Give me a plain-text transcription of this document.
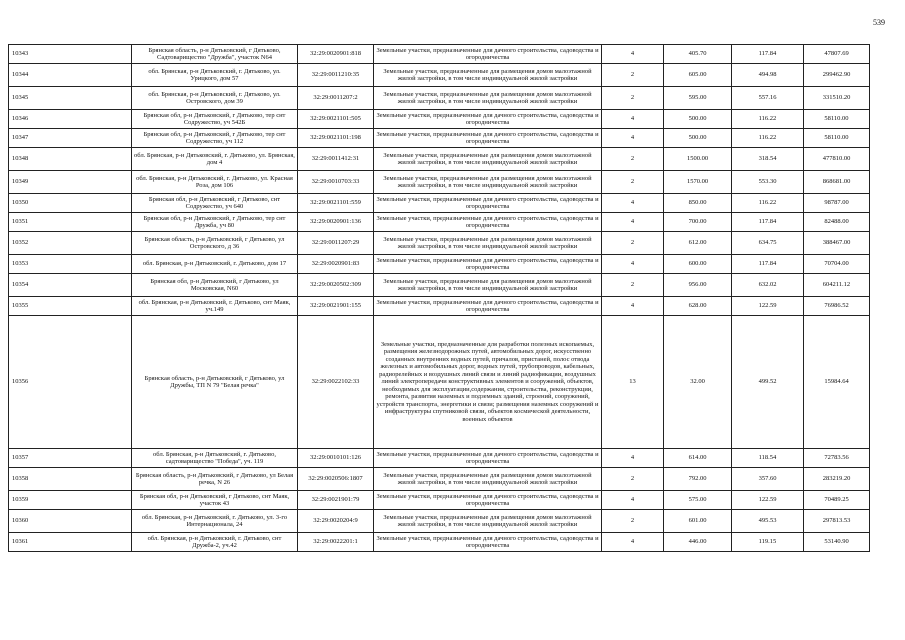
539
10343	Брянская область, р-н Дятьковский, г Дятьково, Садтоварищество "Дружба", участок N64	32:29:0020901:818	Земельные участки, предназначенные для дачного строительства, садоводства и огородничества	4	405.70	117.84	47807.69
10344	обл. Брянская, р-н Дятьковский, г. Дятьково, ул. Урицкого, дом 57	32:29:0011210:35	Земельные участки, предназначенные для размещения домов малоэтажной жилой застройки, в том числе индивидуальной жилой застройки	2	605.00	494.98	299462.90
10345	обл. Брянская, р-н Дятьковский, г. Дятьково, ул. Островского, дом 39	32:29:0011207:2	Земельные участки, предназначенные для размещения домов малоэтажной жилой застройки, в том числе индивидуальной жилой застройки	2	595.00	557.16	331510.20
10346	Брянская обл, р-н Дятьковский, г Дятьково, тер снт Содружество, уч 542Б	32:29:0021101:505	Земельные участки, предназначенные для дачного строительства, садоводства и огородничества	4	500.00	116.22	58110.00
10347	Брянская обл, р-н Дятьковский, г Дятьково, тер снт Содружество, уч 112	32:29:0021101:198	Земельные участки, предназначенные для дачного строительства, садоводства и огородничества	4	500.00	116.22	58110.00
10348	обл. Брянская, р-н Дятьковский, г. Дятьково, ул. Брянская, дом 4	32:29:0011412:31	Земельные участки, предназначенные для размещения домов малоэтажной жилой застройки, в том числе индивидуальной жилой застройки	2	1500.00	318.54	477810.00
10349	обл. Брянская, р-н Дятьковский, г. Дятьково, ул. Красная Роза, дом 106	32:29:0010703:33	Земельные участки, предназначенные для размещения домов малоэтажной жилой застройки, в том числе индивидуальной жилой застройки	2	1570.00	553.30	868681.00
10350	Брянская обл, р-н Дятьковский, г Дятьково, снт Содружество, уч 640	32:29:0021101:559	Земельные участки, предназначенные для дачного строительства, садоводства и огородничества	4	850.00	116.22	98787.00
10351	Брянская обл, р-н Дятьковский, г Дятьково, тер снт Дружба, уч 80	32:29:0020901:136	Земельные участки, предназначенные для дачного строительства, садоводства и огородничества	4	700.00	117.84	82488.00
10352	Брянская область, р-н Дятьковский, г Дятьково, ул Островского, д 36	32:29:0011207:29	Земельные участки, предназначенные для размещения домов малоэтажной жилой застройки, в том числе индивидуальной жилой застройки	2	612.00	634.75	388467.00
10353	обл. Брянская, р-н Дятьковский, г. Дятьково, дом 17	32:29:0020901:83	Земельные участки, предназначенные для дачного строительства, садоводства и огородничества	4	600.00	117.84	70704.00
10354	Брянская обл, р-н Дятьковский, г Дятьково, ул Московская, N60	32:29:0020502:309	Земельные участки, предназначенные для размещения домов малоэтажной жилой застройки, в том числе индивидуальной жилой застройки	2	956.00	632.02	604211.12
10355	обл. Брянская, р-н Дятьковский, г. Дятьково, снт Маяк, уч.149	32:29:0021901:155	Земельные участки, предназначенные для дачного строительства, садоводства и огородничества	4	628.00	122.59	76986.52
10356	Брянская область, р-н Дятьковский, г Дятьково, ул Дружбы, ТП N 79 "Белая речка"	32:29:0022102:33	Земельные участки, предназначенные для разработки полезных ископаемых, размещения железнодорожных путей, автомобильных дорог, искусственно созданных внутренних водных путей, причалов, пристаней, полос отвода железных и автомобильных дорог, водных путей, трубопроводов, кабельных, радиорелейных и воздушных линий связи и линий радиофикации, воздушных линий электропередачи конструктивных элементов и сооружений, объектов, необходимых для эксплуатации,содержания, строительства, реконструкции, ремонта, развития наземных и подземных зданий, строений, сооружений, устройств транспорта, энергетики и связи; размещения наземных сооружений и инфраструктуры спутниковой связи, объектов космической деятельности, военных объектов	13	32.00	499.52	15984.64
10357	обл. Брянская, р-н Дятьковский, г. Дятьково, садтоварищество "Победа", уч. 119	32:29:0010101:126	Земельные участки, предназначенные для дачного строительства, садоводства и огородничества	4	614.00	118.54	72783.56
10358	Брянская область, р-н Дятьковский, г Дятьково, ул Белая речка, N 26	32:29:0020506:1807	Земельные участки, предназначенные для размещения домов малоэтажной жилой застройки, в том числе индивидуальной жилой застройки	2	792.00	357.60	283219.20
10359	Брянская обл, р-н Дятьковский, г Дятьково, снт Маяк, участок 43	32:29:0021901:79	Земельные участки, предназначенные для дачного строительства, садоводства и огородничества	4	575.00	122.59	70489.25
10360	обл. Брянская, р-н Дятьковский, г. Дятьково, ул. 3-го Интернационала, 24	32:29:0020204:9	Земельные участки, предназначенные для размещения домов малоэтажной жилой застройки, в том числе индивидуальной жилой застройки	2	601.00	495.53	297813.53
10361	обл. Брянская, р-н Дятьковский, г. Дятьково, снт Дружба-2, уч.42	32:29:0022201:1	Земельные участки, предназначенные для дачного строительства, садоводства и огородничества	4	446.00	119.15	53140.90
